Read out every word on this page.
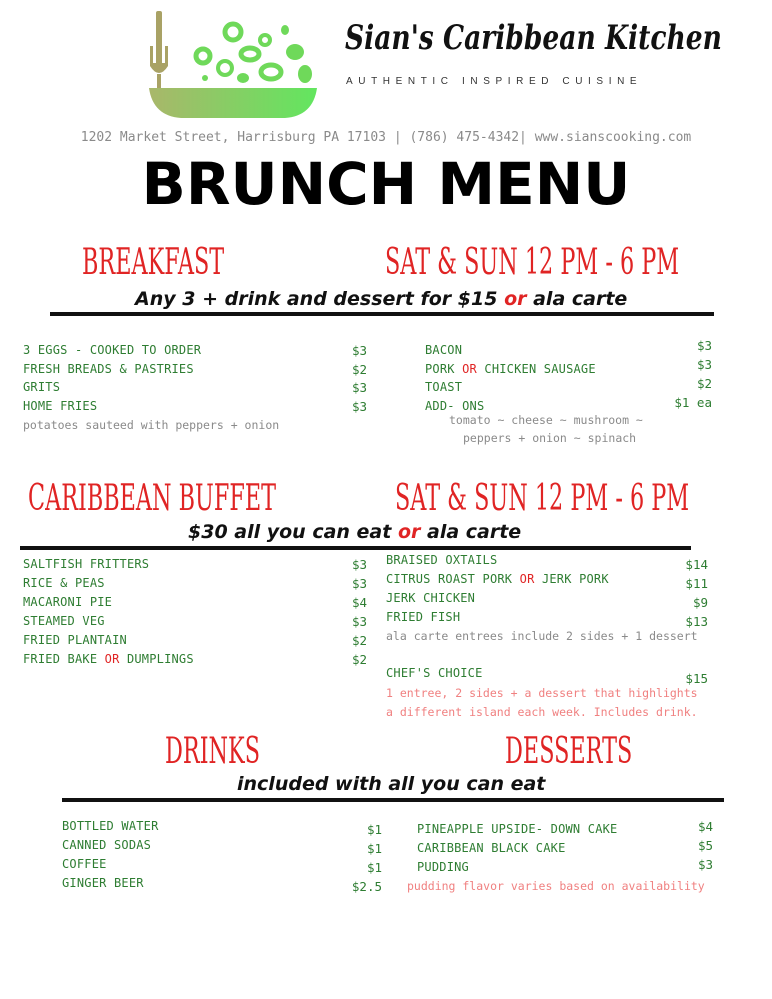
Sian's Caribbean Kitchen
AUTHENTIC INSPIRED CUISINE
1202 Market Street, Harrisburg PA 17103 | (786) 475-4342| www.sianscooking.com
BRUNCH MENU
BREAKFAST	SAT & SUN 12 PM - 6 PM
Any 3 + drink and dessert for $15 or ala carte
3 EGGS - COOKED TO ORDER	$3
FRESH BREADS & PASTRIES	$2
GRITS	$3
HOME FRIES	$3
potatoes sauteed with peppers + onion
BACON	$3
PORK OR CHICKEN SAUSAGE	$3
TOAST	$2
ADD- ONS	$1 ea
tomato ~ cheese ~ mushroom ~
peppers + onion ~ spinach
CARIBBEAN BUFFET	SAT & SUN 12 PM - 6 PM
$30 all you can eat or ala carte
SALTFISH FRITTERS	$3
RICE & PEAS	$3
MACARONI PIE	$4
STEAMED VEG	$3
FRIED PLANTAIN	$2
FRIED BAKE OR DUMPLINGS	$2
BRAISED OXTAILS	$14
CITRUS ROAST PORK OR JERK PORK	$11
JERK CHICKEN	$9
FRIED FISH	$13
ala carte entrees include 2 sides + 1 dessert
CHEF'S CHOICE	$15
1 entree, 2 sides + a dessert that highlights
a different island each week. Includes drink.
DRINKS	DESSERTS
included with all you can eat
BOTTLED WATER	$1
CANNED SODAS	$1
COFFEE	$1
GINGER BEER	$2.5
PINEAPPLE UPSIDE- DOWN CAKE	$4
CARIBBEAN BLACK CAKE	$5
PUDDING	$3
pudding flavor varies based on availability
